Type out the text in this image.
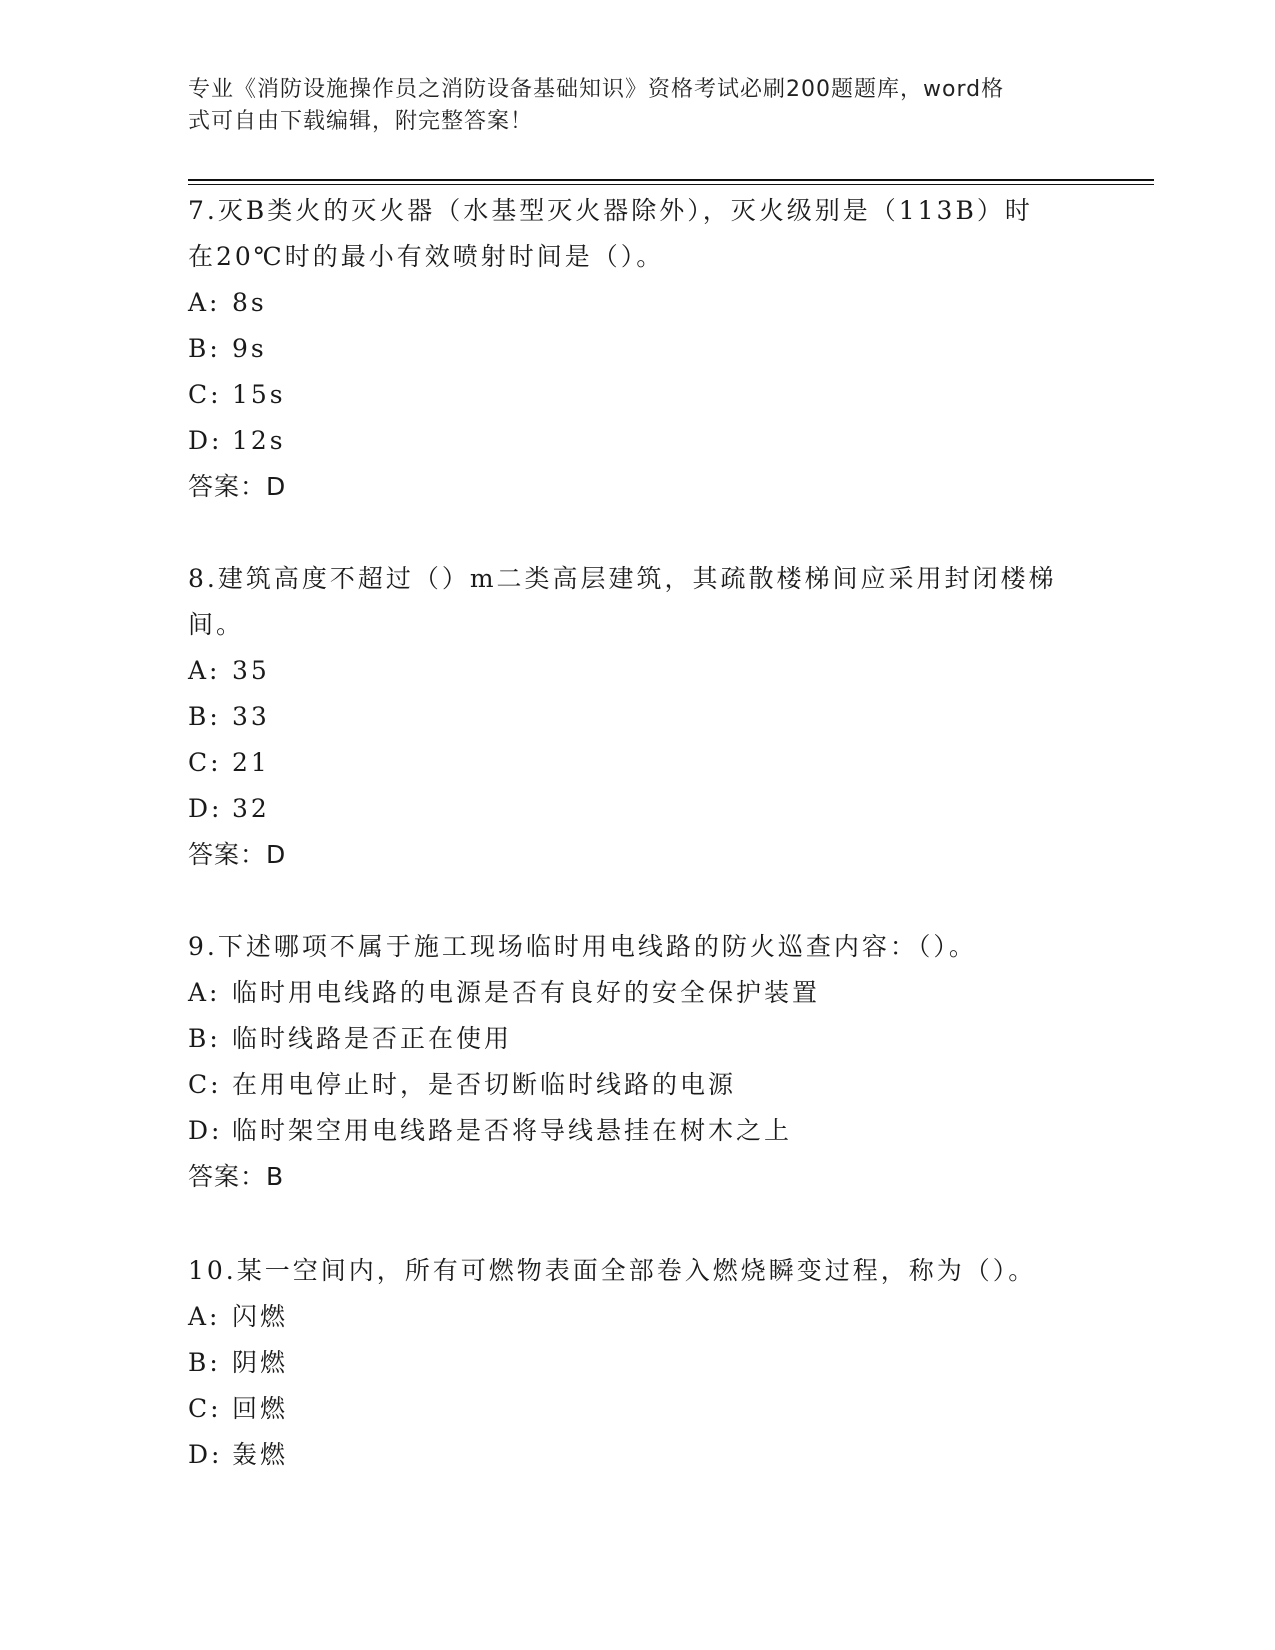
专业《消防设施操作员之消防设备基础知识》资格考试必刷200题题库，word格
式可自由下载编辑，附完整答案！

7.灭B类火的灭火器（水基型灭火器除外），灭火级别是（113B）时

在20℃时的最小有效喷射时间是（）。

A: 8s

B: 9s

C: 15s

D: 12s

答案：D

8.建筑高度不超过（）m二类高层建筑，其疏散楼梯间应采用封闭楼梯

间。

A: 35

B: 33

C: 21

D: 32

答案：D

9.下述哪项不属于施工现场临时用电线路的防火巡查内容：（）。

A: 临时用电线路的电源是否有良好的安全保护装置

B: 临时线路是否正在使用

C: 在用电停止时，是否切断临时线路的电源

D: 临时架空用电线路是否将导线悬挂在树木之上

答案：B

10.某一空间内，所有可燃物表面全部卷入燃烧瞬变过程，称为（）。

A: 闪燃

B: 阴燃

C: 回燃

D: 轰燃
